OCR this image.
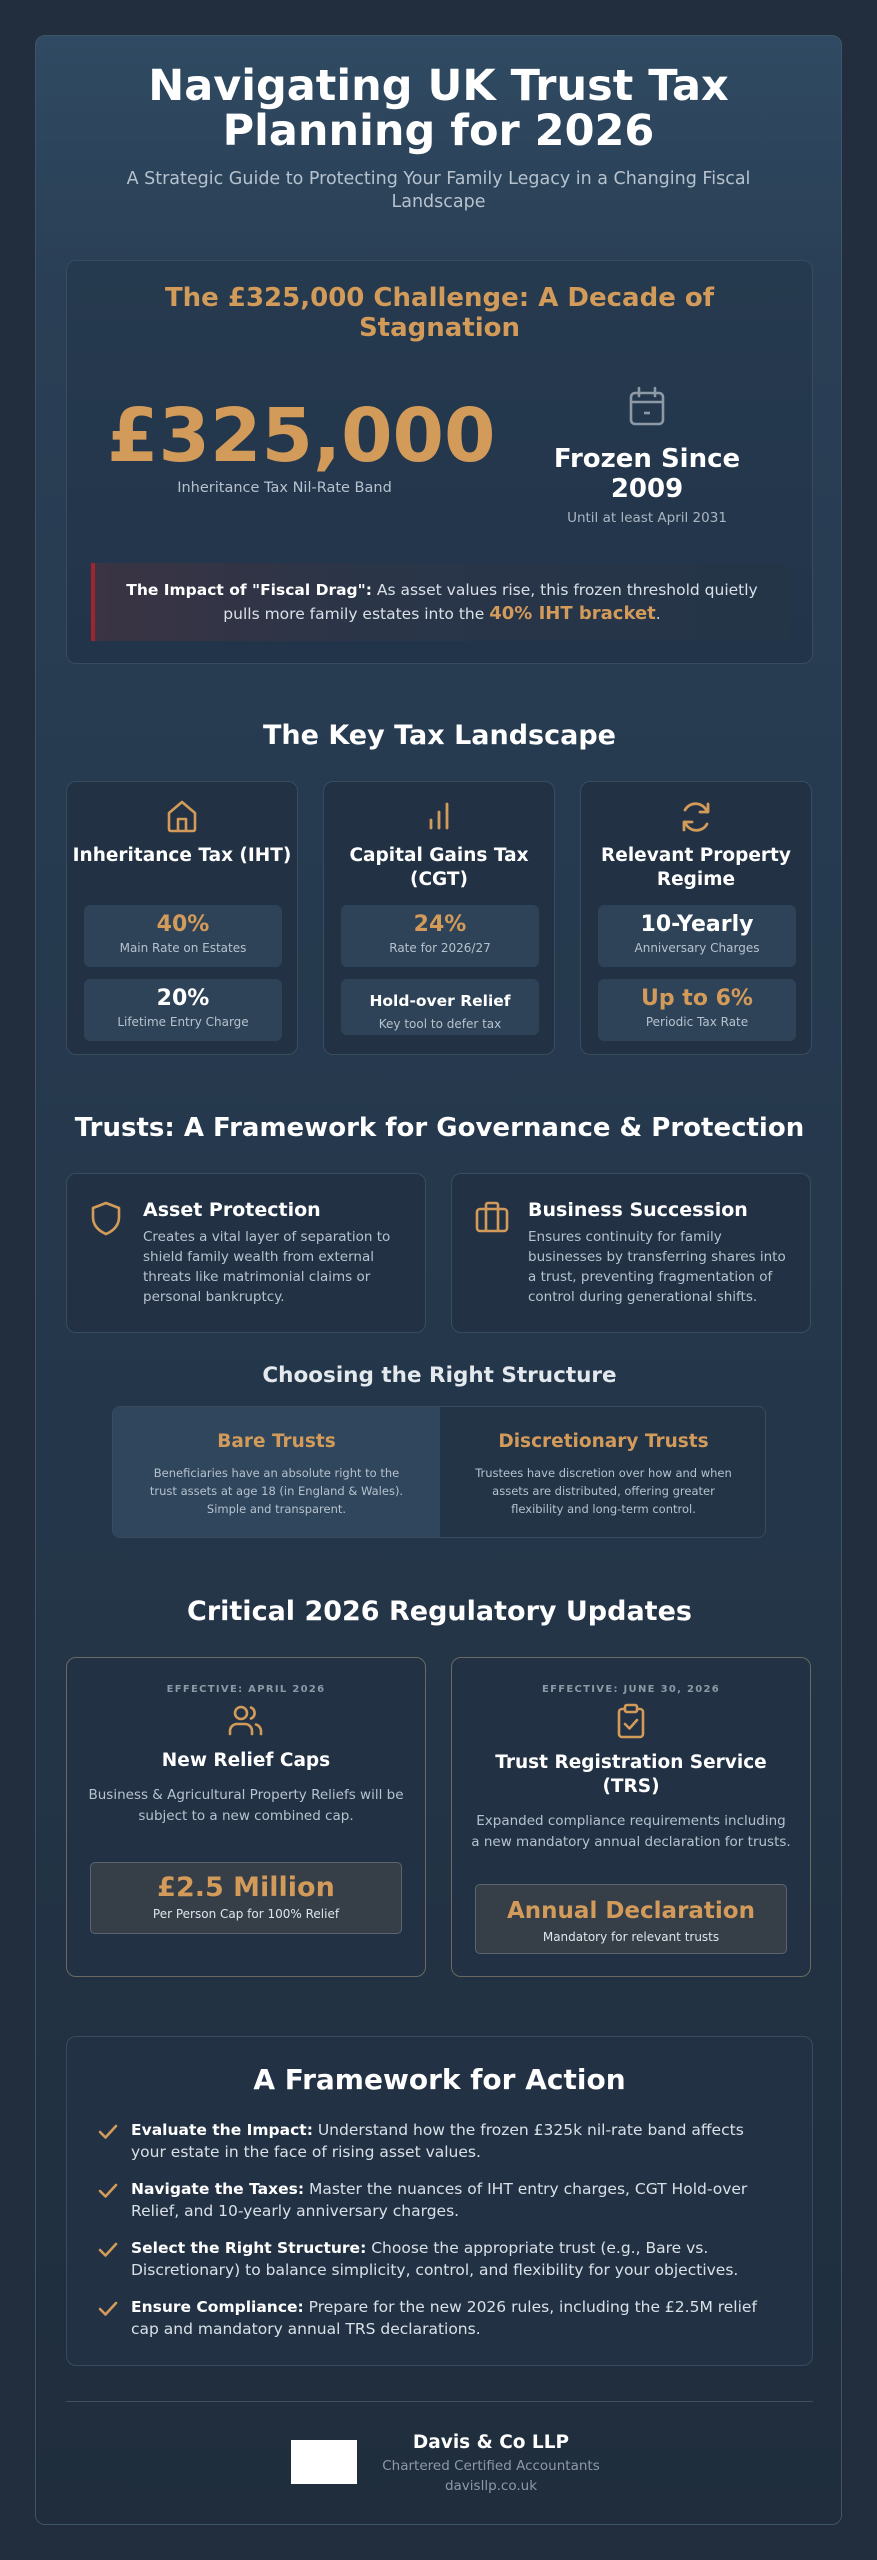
Navigating UK Trust Tax Planning for 2026

A Strategic Guide to Protecting Your Family Legacy in a Changing Fiscal Landscape

The £325,000 Challenge: A Decade of Stagnation
£325,000
Inheritance Tax Nil-Rate Band
Frozen Since 2009
Until at least April 2031

The Impact of "Fiscal Drag": As asset values rise, this frozen threshold quietly pulls more family estates into the 40% IHT bracket.

The Key Tax Landscape
Inheritance Tax (IHT)
40%
Main Rate on Estates
20%
Lifetime Entry Charge
Capital Gains Tax (CGT)
24%
Rate for 2026/27
Hold-over Relief
Key tool to defer tax
Relevant Property Regime
10-Yearly
Anniversary Charges
Up to 6%
Periodic Tax Rate
Trusts: A Framework for Governance & Protection
Asset Protection

Creates a vital layer of separation to shield family wealth from external threats like matrimonial claims or personal bankruptcy.

Business Succession

Ensures continuity for family businesses by transferring shares into a trust, preventing fragmentation of control during generational shifts.

Choosing the Right Structure
Bare Trusts

Beneficiaries have an absolute right to the trust assets at age 18 (in England & Wales). Simple and transparent.

Discretionary Trusts

Trustees have discretion over how and when assets are distributed, offering greater flexibility and long-term control.

Critical 2026 Regulatory Updates
EFFECTIVE: APRIL 2026
New Relief Caps

Business & Agricultural Property Reliefs will be subject to a new combined cap.

£2.5 Million
Per Person Cap for 100% Relief
EFFECTIVE: JUNE 30, 2026
Trust Registration Service (TRS)

Expanded compliance requirements including a new mandatory annual declaration for trusts.

Annual Declaration
Mandatory for relevant trusts
A Framework for Action

Evaluate the Impact: Understand how the frozen £325k nil-rate band affects your estate in the face of rising asset values.

Navigate the Taxes: Master the nuances of IHT entry charges, CGT Hold-over Relief, and 10-yearly anniversary charges.

Select the Right Structure: Choose the appropriate trust (e.g., Bare vs. Discretionary) to balance simplicity, control, and flexibility for your objectives.

Ensure Compliance: Prepare for the new 2026 rules, including the £2.5M relief cap and mandatory annual TRS declarations.

Davis & Co LLP
Chartered Certified Accountants
davisllp.co.uk
